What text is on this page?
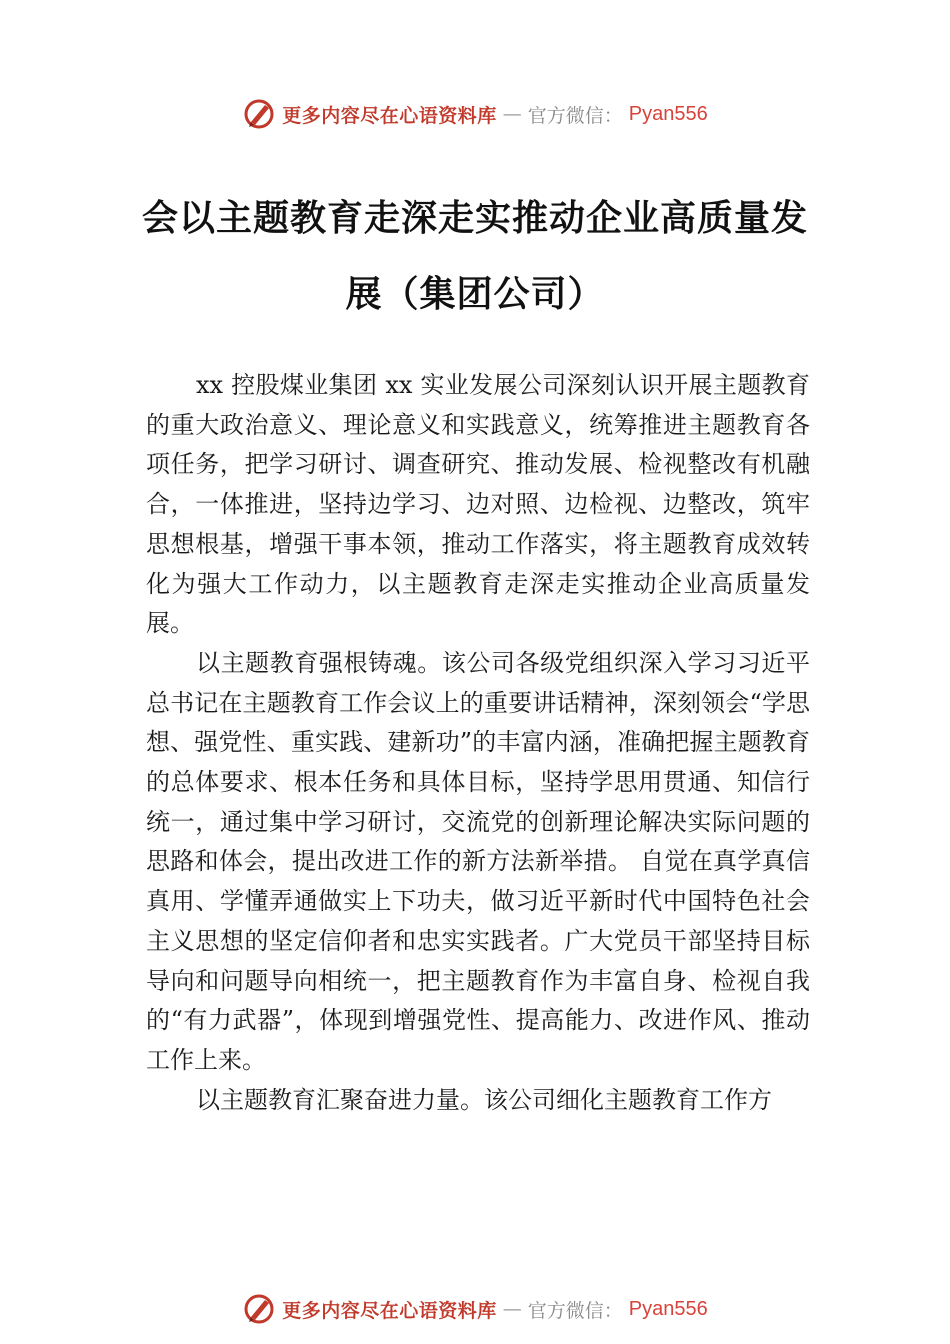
更多内容尽在心语资料库 — 官方微信： Pyan556
会以主题教育走深走实推动企业高质量发
展（集团公司）

xx 控股煤业集团 xx 实业发展公司深刻认识开展主题教育的重大政治意义、理论意义和实践意义，统筹推进主题教育各项任务，把学习研讨、调查研究、推动发展、检视整改有机融合，一体推进，坚持边学习、边对照、边检视、边整改，筑牢思想根基，增强干事本领，推动工作落实，将主题教育成效转化为强大工作动力，以主题教育走深走实推动企业高质量发展。

以主题教育强根铸魂。该公司各级党组织深入学习习近平总书记在主题教育工作会议上的重要讲话精神，深刻领会“学思想、强党性、重实践、建新功”的丰富内涵，准确把握主题教育的总体要求、根本任务和具体目标，坚持学思用贯通、知信行统一，通过集中学习研讨，交流党的创新理论解决实际问题的思路和体会，提出改进工作的新方法新举措。 自觉在真学真信真用、学懂弄通做实上下功夫，做习近平新时代中国特色社会主义思想的坚定信仰者和忠实实践者。广大党员干部坚持目标导向和问题导向相统一，把主题教育作为丰富自身、检视自我的“有力武器”，体现到增强党性、提高能力、改进作风、推动工作上来。

以主题教育汇聚奋进力量。该公司细化主题教育工作方

更多内容尽在心语资料库 — 官方微信： Pyan556
